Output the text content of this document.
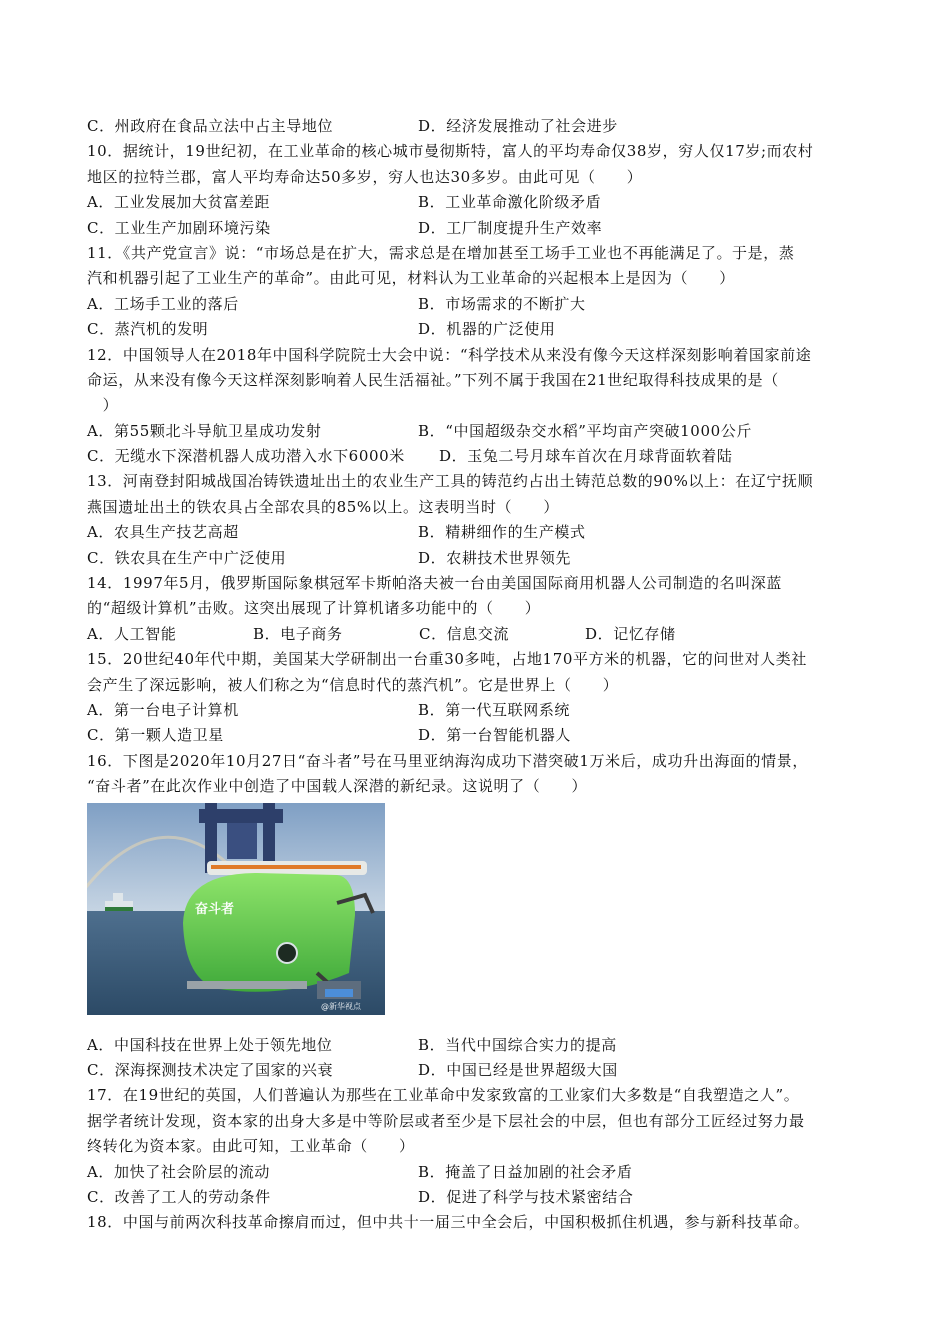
C．州政府在食品立法中占主导地位	D．经济发展推动了社会进步
10．据统计，19世纪初，在工业革命的核心城市曼彻斯特，富人的平均寿命仅38岁，穷人仅17岁;而农村
地区的拉特兰郡，富人平均寿命达50多岁，穷人也达30多岁。由此可见（　　）
A．工业发展加大贫富差距	B．工业革命激化阶级矛盾
C．工业生产加剧环境污染	D．工厂制度提升生产效率
11．《共产党宣言》说：“市场总是在扩大，需求总是在增加甚至工场手工业也不再能满足了。于是，蒸
汽和机器引起了工业生产的革命”。由此可见，材料认为工业革命的兴起根本上是因为（　　）
A．工场手工业的落后	B．市场需求的不断扩大
C．蒸汽机的发明	D．机器的广泛使用
12．中国领导人在2018年中国科学院院士大会中说：“科学技术从来没有像今天这样深刻影响着国家前途
命运，从来没有像今天这样深刻影响着人民生活福祉。”下列不属于我国在21世纪取得科技成果的是（
　）
A．第55颗北斗导航卫星成功发射	B．“中国超级杂交水稻”平均亩产突破1000公斤
C．无缆水下深潜机器人成功潜入水下6000米	D．玉兔二号月球车首次在月球背面软着陆
13．河南登封阳城战国冶铸铁遗址出土的农业生产工具的铸范约占出土铸范总数的90%以上：在辽宁抚顺
燕国遗址出土的铁农具占全部农具的85%以上。这表明当时（　　）
A．农具生产技艺高超	B．精耕细作的生产模式
C．铁农具在生产中广泛使用	D．农耕技术世界领先
14．1997年5月，俄罗斯国际象棋冠军卡斯帕洛夫被一台由美国国际商用机器人公司制造的名叫深蓝
的“超级计算机”击败。这突出展现了计算机诸多功能中的（　　）
A．人工智能	B．电子商务	C．信息交流	D．记忆存储
15．20世纪40年代中期，美国某大学研制出一台重30多吨，占地170平方米的机器，它的问世对人类社
会产生了深远影响，被人们称之为“信息时代的蒸汽机”。它是世界上（　　）
A．第一台电子计算机	B．第一代互联网系统
C．第一颗人造卫星	D．第一台智能机器人
16．下图是2020年10月27日“奋斗者”号在马里亚纳海沟成功下潜突破1万米后，成功升出海面的情景，
“奋斗者”在此次作业中创造了中国载人深潜的新纪录。这说明了（　　）
奋斗者
@新华视点
A．中国科技在世界上处于领先地位	B．当代中国综合实力的提高
C．深海探测技术决定了国家的兴衰	D．中国已经是世界超级大国
17．在19世纪的英国，人们普遍认为那些在工业革命中发家致富的工业家们大多数是“自我塑造之人”。
据学者统计发现，资本家的出身大多是中等阶层或者至少是下层社会的中层，但也有部分工匠经过努力最
终转化为资本家。由此可知，工业革命（　　）
A．加快了社会阶层的流动	B．掩盖了日益加剧的社会矛盾
C．改善了工人的劳动条件	D．促进了科学与技术紧密结合
18．中国与前两次科技革命擦肩而过，但中共十一届三中全会后，中国积极抓住机遇，参与新科技革命。
